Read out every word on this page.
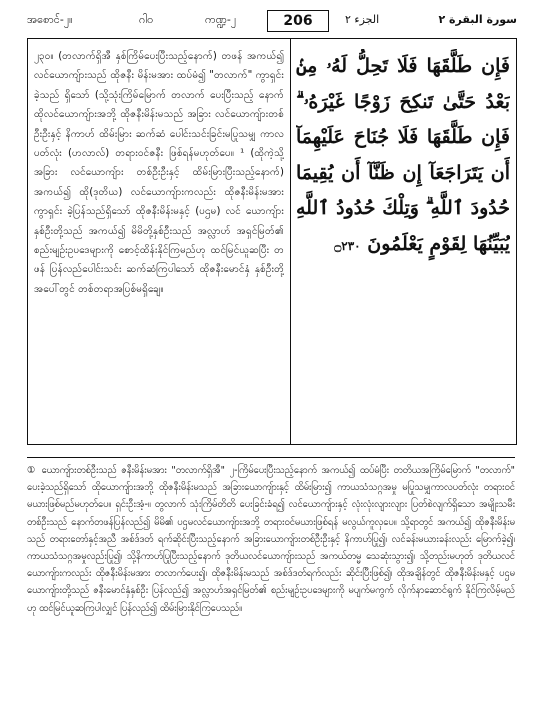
အစောင်-၂။	ဂါ၀	ကဏ္ဍ-၂	206	الجزء ٢	سورة البقرة ٢

၂၃၀။ (တလာက်ရှိအီ နှစ်ကြိမ်ပေးပြီးသည့်နောက်) တဖန် အကယ်၍ လင်ယောကျ်ားသည် ထိုဇနီး မိန်းမအား ထပ်မံ၍ "တလာက်" ကွာရှင်းခဲ့သည် ရှိသော် (သို့သုံးကြိမ်မြောက် တလာက် ပေးပြီးသည့် နောက် ထိုလင်ယောကျ်ားအဘို့ ထိုဇနီးမိန်းမသည် အခြား လင်ယောကျ်ားတစ်ဦးဦးနှင့် နိကာဟ် ထိမ်းမြား ဆက်ဆံ ပေါင်းသင်းခြင်းမပြုသမျှ ကာလပတ်လုံး (ဟလာလ်) တရားဝင်ဇနီး ဖြစ်ရန်မဟုတ်ပေ။ ¹ (ထိုကဲ့သို့ အခြား လင်ယောကျ်ား တစ်ဦးဦးနှင့် ထိမ်းမြားပြီးသည့်နောက်) အကယ်၍ ထို(ဒုတိယ) လင်ယောကျ်ားကလည်း ထိုဇနီးမိန်းမအား ကွာရှင်း ခဲ့ပြန်သည်ရှိသော် ထိုဇနီးမိန်းမနှင့် (ပဌမ) လင် ယောကျ်ားနှစ်ဦးတို့သည် အကယ်၍ မိမိတို့နှစ်ဦးသည် အလ္လာဟ် အရှင်မြတ်၏ စည်းမျဉ်းဥပဒေများကို စောင့်ထိန်းနိုင်ကြမည်ဟု ထင်မြင်ယူဆပြီး တဖန် ပြန်လည်ပေါင်းသင်း ဆက်ဆံကြပါသော် ထိုဇနီးမောင်နှံ နှစ်ဦးတို့အပေါ်တွင် တစ်တရာအပြစ်မရှိချေ။

فَإِن طَلَّقَهَا فَلَا تَحِلُّ لَهُۥ مِنۢ بَعْدُ حَتَّىٰ تَنكِحَ زَوْجًا غَيْرَهُۥ ۗ فَإِن طَلَّقَهَا فَلَا جُنَاحَ عَلَيْهِمَآ أَن يَتَرَاجَعَآ إِن ظَنَّآ أَن يُقِيمَا حُدُودَ ٱللَّهِ ۗ وَتِلْكَ حُدُودُ ٱللَّهِ يُبَيِّنُهَا لِقَوْمٍ يَعْلَمُونَ ۝٢٣٠

① ယောကျ်ားတစ်ဦးသည် ဇနီးမိန်းမအား "တလာက်ရှိအီ" ၂-ကြိမ်ပေးပြီးသည့်နောက် အကယ်၍ ထပ်မံပြီး တတိယအကြိမ်မြောက် "တလာက်" ပေးခဲ့သည်ရှိသော် ထိုယောကျ်ားအဘို့ ထိုဇနီးမိန်းမသည် အခြားယောကျ်ားနှင့် ထိမ်းမြား၍ ကာယသံသဂ္ဂအမှု မပြုသမျှကာလပတ်လုံး တရားဝင်မယားဖြစ်မည်မဟုတ်ပေ။ ရှင်းဦးအံ့-။ တွလာက် သုံးကြိမ်တိတိ ပေးခြင်းခံရ၍ လင်ယောကျ်ားနှင့် လုံးလုံးလျားလျား ပြတ်စဲလျက်ရှိသော အမျိုးသမီးတစ်ဦးသည် နောက်တဖန်ပြန်လည်၍ မိမိ၏ ပဌမလင်ယောကျ်ားအဘို့ တရားဝင်မယားဖြစ်ရန် မလွယ်ကူလှပေ။ သို့ရာတွင် အကယ်၍ ထိုဇနီးမိန်းမသည် တရားတော်နှင့်အညီ အစ်ဒ်ဒတ် ရက်ဆိုင်းပြီးသည့်နောက် အခြားယောကျ်ားတစ်ဦးဦးနှင့် နိကာဟ်ပြု၍၊ လင်ခန်းမယားခန်းလည်း မြောက်ခဲ့၍၊ ကာယသံသဂ္ဂအမှုလည်းပြု၍၊ သို့နိကာဟ်ပြုပြီးသည့်နောက် ဒုတိယလင်ယောကျ်ားသည် အကယ်တမ္မ သေဆုံးသွား၍၊ သို့တည်းမဟုတ် ဒုတိယလင်ယောကျ်ားကလည်း ထိုဇနီးမိန်းမအား တလာက်ပေး၍၊ ထိုဇနီးမိန်းမသည် အစ်ဒ်ဒတ်ရက်လည်း ဆိုင်းပြီးဖြစ်၍၊ ထိုအချိန်တွင် ထိုဇနီးမိန်းမနှင့် ပဌမယောကျ်ားတို့သည် ဇနီးမောင်နှံနှစ်ဦး ပြန်လည်၍ အလ္လာဟ်အရှင်မြတ်၏ စည်းမျဉ်းဥပဒေများကို မပျက်မကွက် လိုက်နာဆောင်ရွက် နိုင်ကြလိမ့်မည်ဟု ထင်မြင်ယူဆကြပါလျှင် ပြန်လည်၍ ထိမ်းမြားနိုင်ကြပေသည်။
